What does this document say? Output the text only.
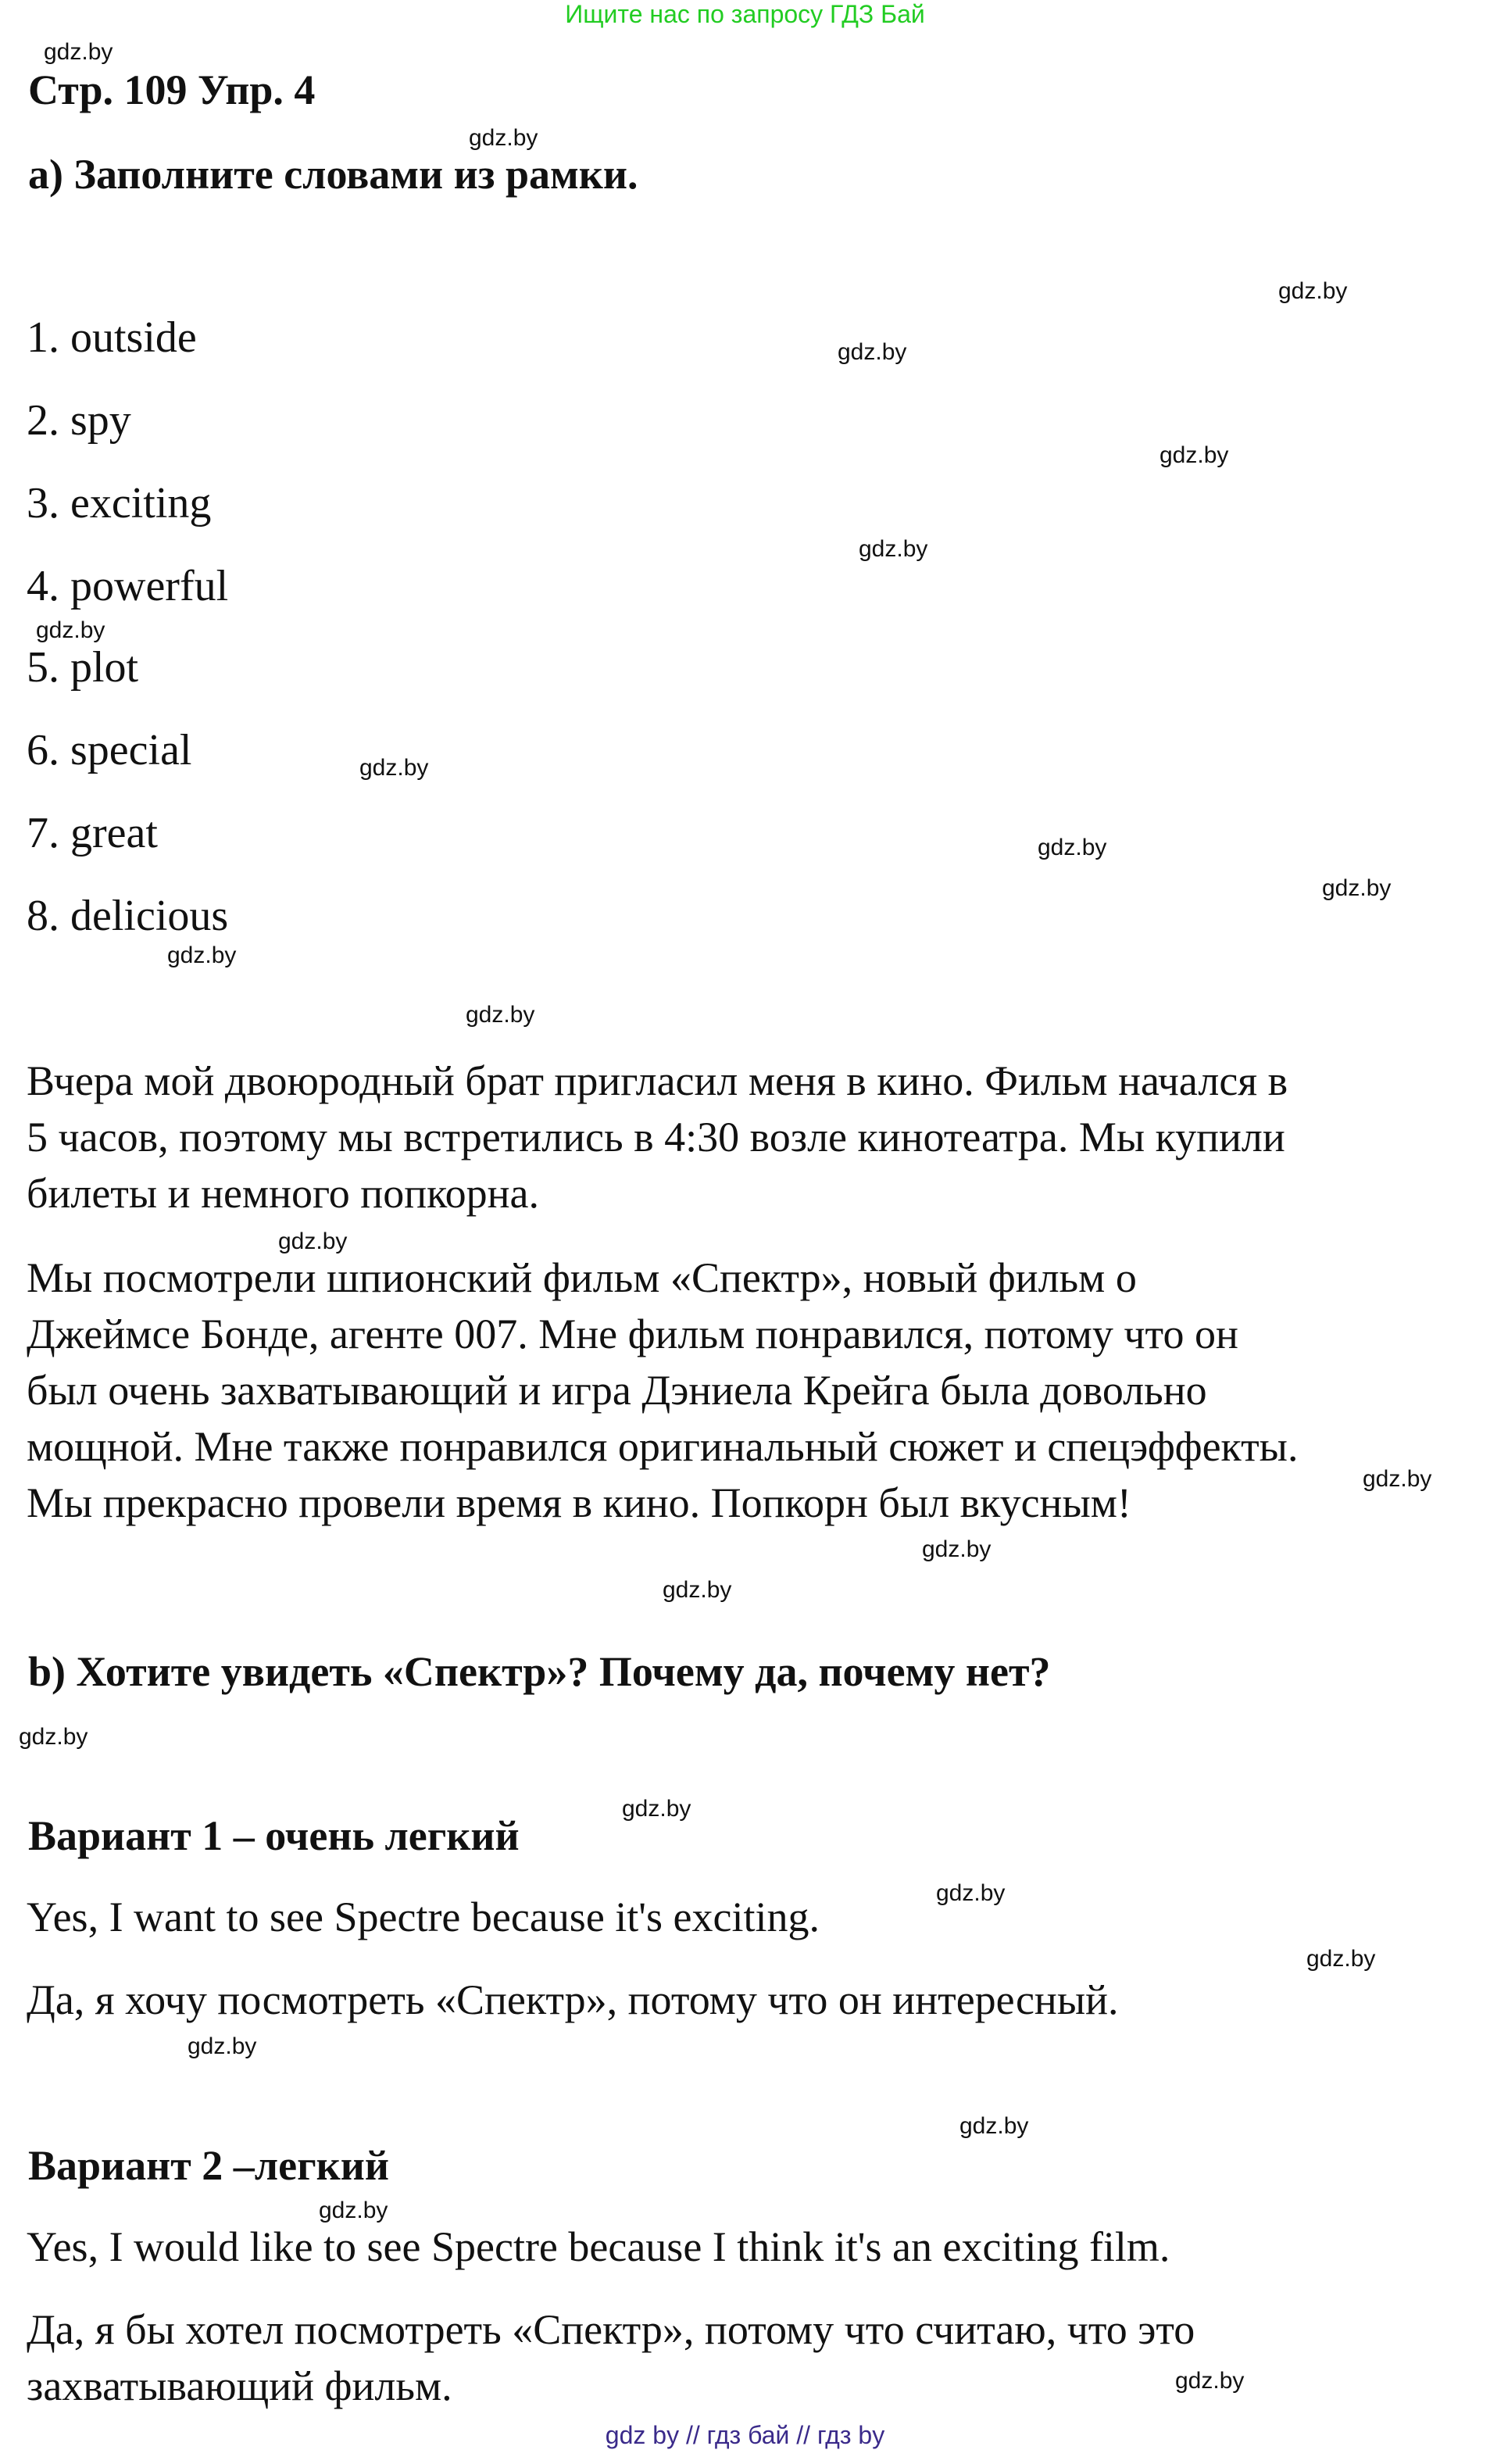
Ищите нас по запросу ГДЗ Бай
gdz.by
gdz.by
gdz.by
gdz.by
gdz.by
gdz.by
gdz.by
gdz.by
gdz.by
gdz.by
gdz.by
gdz.by
gdz.by
gdz.by
gdz.by
gdz.by
gdz.by
gdz.by
gdz.by
gdz.by
gdz.by
gdz.by
gdz.by
gdz.by
Стр. 109 Упр. 4
a) Заполните словами из рамки.
1. outside
2. spy
3. exciting
4. powerful
5. plot
6. special
7. great
8. delicious
Вчера мой двоюродный брат пригласил меня в кино. Фильм начался в
5 часов, поэтому мы встретились в 4:30 возле кинотеатра. Мы купили
билеты и немного попкорна.
Мы посмотрели шпионский фильм «Спектр», новый фильм о
Джеймсе Бонде, агенте 007. Мне фильм понравился, потому что он
был очень захватывающий и игра Дэниела Крейга была довольно
мощной. Мне также понравился оригинальный сюжет и спецэффекты.
Мы прекрасно провели время в кино. Попкорн был вкусным!
b) Хотите увидеть «Спектр»? Почему да, почему нет?
Вариант 1 – очень легкий
Yes, I want to see Spectre because it's exciting.
Да, я хочу посмотреть «Спектр», потому что он интересный.
Вариант 2 –легкий
Yes, I would like to see Spectre because I think it's an exciting film.
Да, я бы хотел посмотреть «Спектр», потому что считаю, что это
захватывающий фильм.
gdz by // гдз бай // гдз by
